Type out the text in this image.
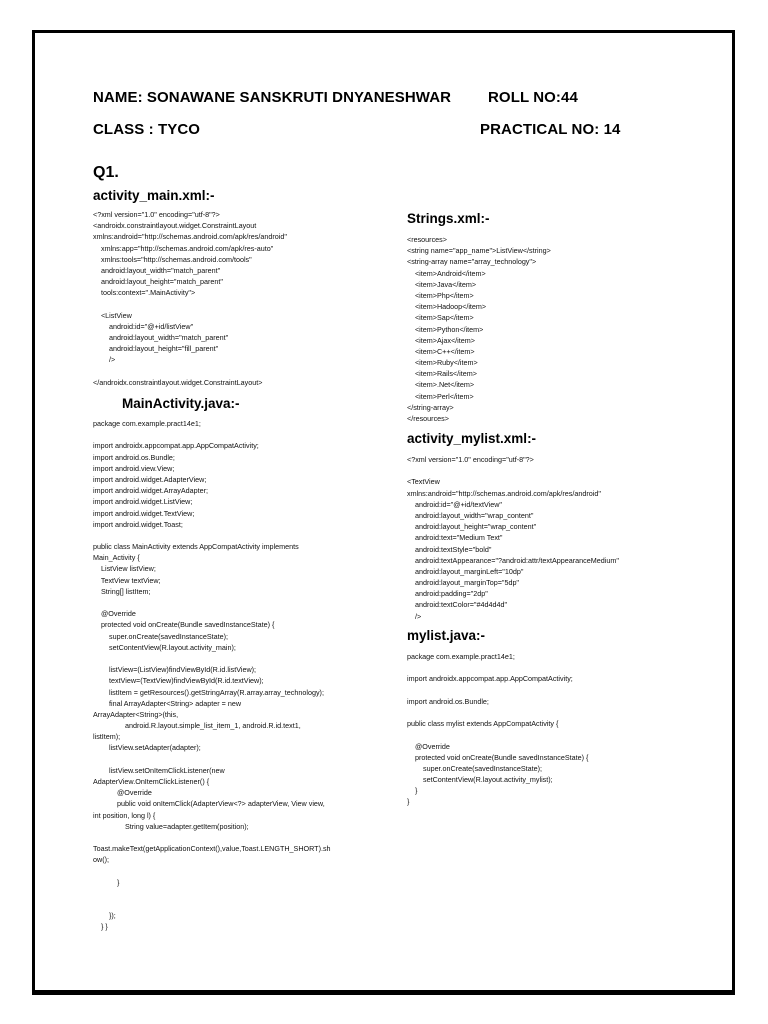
NAME: SONAWANE SANSKRUTI DNYANESHWAR ROLL NO:44
CLASS : TYCO	PRACTICAL NO: 14
Q1.
activity_main.xml:-
<?xml version="1.0" encoding="utf-8"?>
<androidx.constraintlayout.widget.ConstraintLayout
xmlns:android="http://schemas.android.com/apk/res/android"
xmlns:app="http://schemas.android.com/apk/res-auto"
xmlns:tools="http://schemas.android.com/tools"
android:layout_width="match_parent"
android:layout_height="match_parent"
tools:context=".MainActivity">
<ListView
android:id="@+id/listView"
android:layout_width="match_parent"
android:layout_height="fill_parent"
/>
</androidx.constraintlayout.widget.ConstraintLayout>
MainActivity.java:-
package com.example.pract14e1;
import androidx.appcompat.app.AppCompatActivity;
import android.os.Bundle;
import android.view.View;
import android.widget.AdapterView;
import android.widget.ArrayAdapter;
import android.widget.ListView;
import android.widget.TextView;
import android.widget.Toast;
public class MainActivity extends AppCompatActivity implements
Main_Activity {
ListView listView;
TextView textView;
String[] listItem;
@Override
protected void onCreate(Bundle savedInstanceState) {
super.onCreate(savedInstanceState);
setContentView(R.layout.activity_main);
listView=(ListView)findViewById(R.id.listView);
textView=(TextView)findViewById(R.id.textView);
listItem = getResources().getStringArray(R.array.array_technology);
final ArrayAdapter<String> adapter = new
ArrayAdapter<String>(this,
android.R.layout.simple_list_item_1, android.R.id.text1,
listItem);
listView.setAdapter(adapter);
listView.setOnItemClickListener(new
AdapterView.OnItemClickListener() {
@Override
public void onItemClick(AdapterView<?> adapterView, View view,
int position, long l) {
String value=adapter.getItem(position);
Toast.makeText(getApplicationContext(),value,Toast.LENGTH_SHORT).sh
ow();
}
});
} }
Strings.xml:-
<resources>
<string name="app_name">ListView</string>
<string-array name="array_technology">
<item>Android</item>
<item>Java</item>
<item>Php</item>
<item>Hadoop</item>
<item>Sap</item>
<item>Python</item>
<item>Ajax</item>
<item>C++</item>
<item>Ruby</item>
<item>Rails</item>
<item>.Net</item>
<item>Perl</item>
</string-array>
</resources>
activity_mylist.xml:-
<?xml version="1.0" encoding="utf-8"?>
<TextView
xmlns:android="http://schemas.android.com/apk/res/android"
android:id="@+id/textView"
android:layout_width="wrap_content"
android:layout_height="wrap_content"
android:text="Medium Text"
android:textStyle="bold"
android:textAppearance="?android:attr/textAppearanceMedium"
android:layout_marginLeft="10dp"
android:layout_marginTop="5dp"
android:padding="2dp"
android:textColor="#4d4d4d"
/>
mylist.java:-
package com.example.pract14e1;
import androidx.appcompat.app.AppCompatActivity;
import android.os.Bundle;
public class mylist extends AppCompatActivity {
@Override
protected void onCreate(Bundle savedInstanceState) {
super.onCreate(savedInstanceState);
setContentView(R.layout.activity_mylist);
}
}
